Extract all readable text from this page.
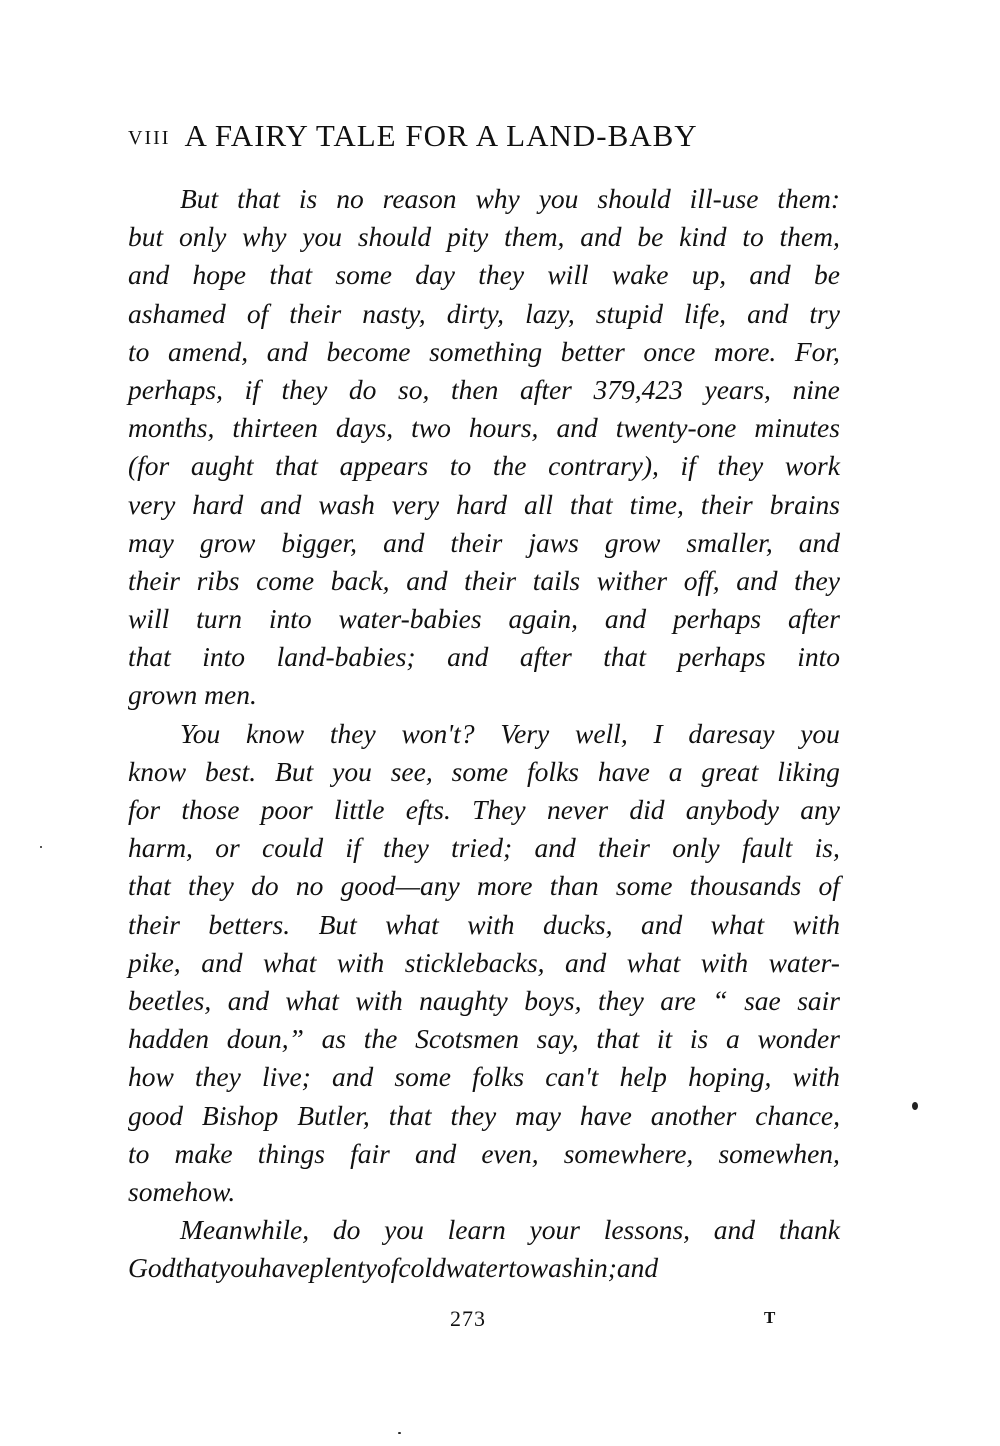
VIII A FAIRY TALE FOR A LAND-BABY
But that is no reason why you should ill-use them:
but only why you should pity them, and be kind to them,
and hope that some day they will wake up, and be
ashamed of their nasty, dirty, lazy, stupid life, and try
to amend, and become something better once more. For,
perhaps, if they do so, then after 379,423 years, nine
months, thirteen days, two hours, and twenty-one minutes
(for aught that appears to the contrary), if they work
very hard and wash very hard all that time, their brains
may grow bigger, and their jaws grow smaller, and
their ribs come back, and their tails wither off, and they
will turn into water-babies again, and perhaps after
that into land-babies; and after that perhaps into
grown men.
You know they won't? Very well, I daresay you
know best. But you see, some folks have a great liking
for those poor little efts. They never did anybody any
harm, or could if they tried; and their only fault is,
that they do no good—any more than some thousands of
their betters. But what with ducks, and what with
pike, and what with sticklebacks, and what with water-
beetles, and what with naughty boys, they are “ sae sair
hadden doun,” as the Scotsmen say, that it is a wonder
how they live; and some folks can't help hoping, with
good Bishop Butler, that they may have another chance,
to make things fair and even, somewhere, somewhen,
somehow.
Meanwhile, do you learn your lessons, and thank
God that you have plenty of cold water to wash in; and
273	T
